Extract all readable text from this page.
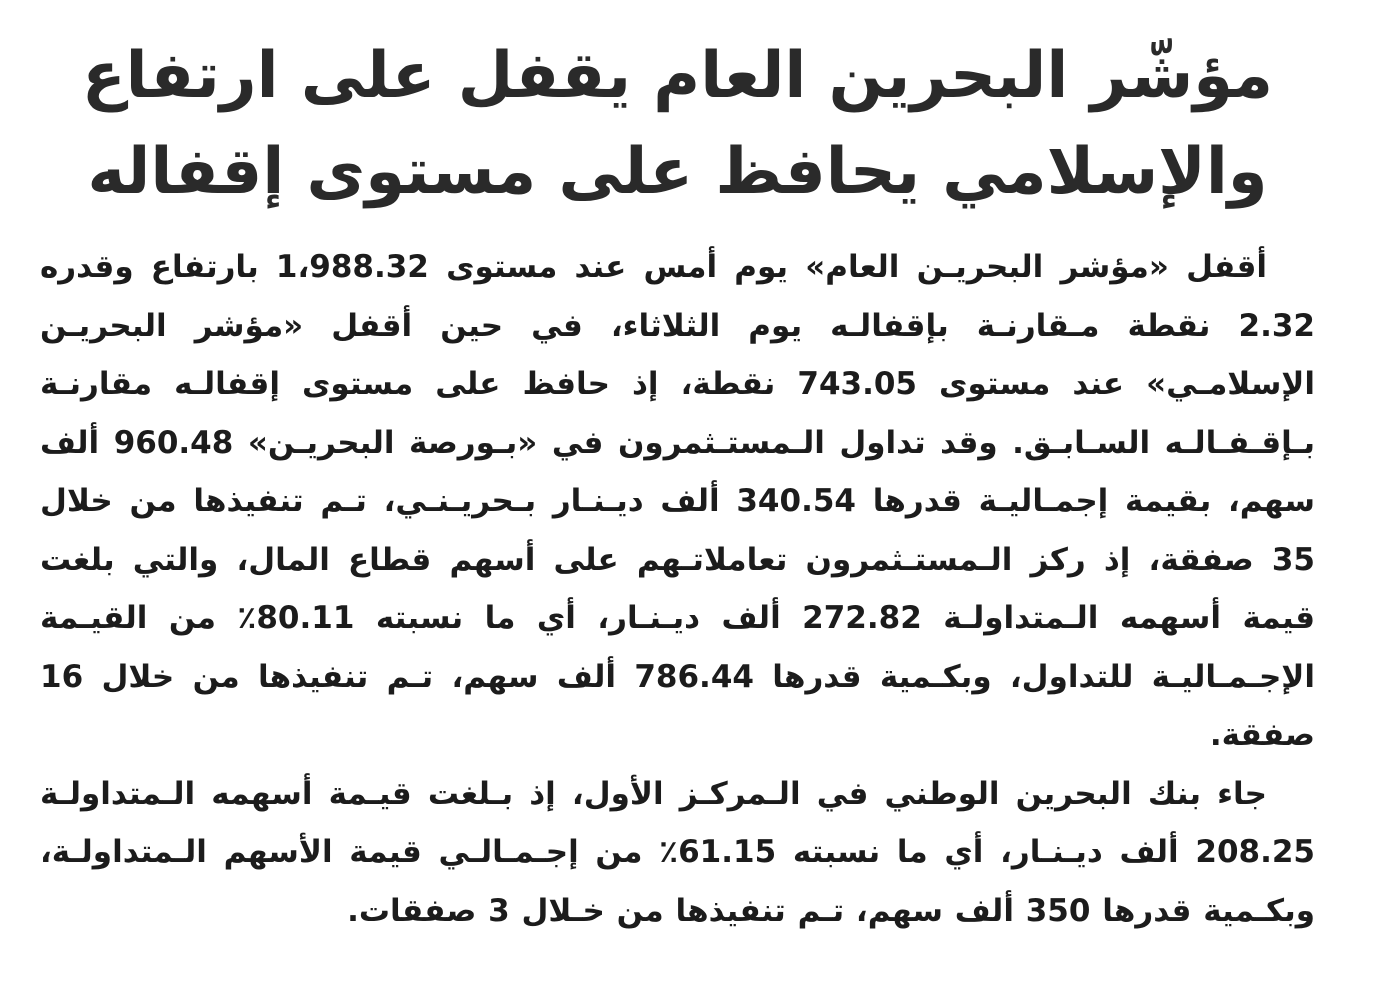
مؤشّر البحرين العام يقفل على ارتفاع
والإسلامي يحافظ على مستوى إقفاله

أقفل «مؤشر البحريـن العام» يوم أمس عند مستوى 1،988.32 بارتفاع وقدره 2.32 نقطة مـقارنـة بإقفالـه يوم الثلاثاء، في حين أقفل «مؤشر البحريـن الإسلامـي» عند مستوى 743.05 نقطة، إذ حافظ على مستوى إقفالـه مقارنـة بـإقـفـالـه السـابـق. وقد تداول الـمستـثمرون في «بـورصة البحريـن» 960.48 ألف سهم، بقيمة إجمـاليـة قدرها 340.54 ألف ديـنـار بـحريـنـي، تـم تنفيذها من خلال 35 صفقة، إذ ركز الـمستـثمرون تعاملاتـهم على أسهم قطاع المال، والتي بلغت قيمة أسهمه الـمتداولـة 272.82 ألف ديـنـار، أي ما نسبته 80.11٪ من القيـمة الإجـمـاليـة للتداول، وبكـمية قدرها 786.44 ألف سهم، تـم تنفيذها من خلال 16 صفقة.

جاء بنك البحرين الوطني في الـمركـز الأول، إذ بـلغت قيـمة أسهمه الـمتداولـة 208.25 ألف ديـنـار، أي ما نسبته 61.15٪ من إجـمـالـي قيمة الأسهم الـمتداولـة، وبكـمية قدرها 350 ألف سهم، تـم تنفيذها من خـلال 3 صفقات.
